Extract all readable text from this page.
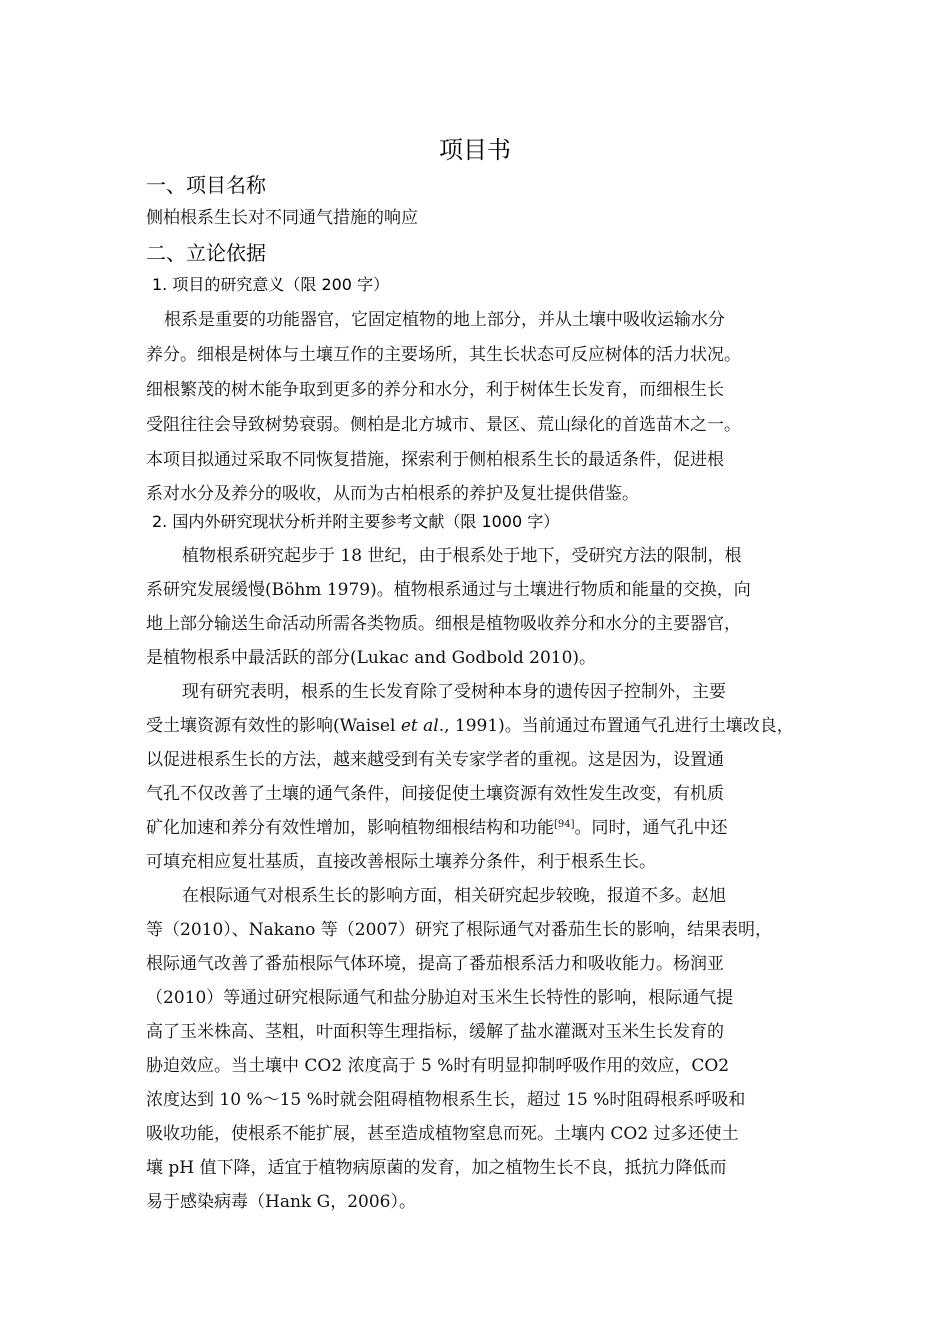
项目书
一、项目名称
侧柏根系生长对不同通气措施的响应
二、立论依据
1. 项目的研究意义（限 200 字）
根系是重要的功能器官，它固定植物的地上部分，并从土壤中吸收运输水分
养分。细根是树体与土壤互作的主要场所，其生长状态可反应树体的活力状况。
细根繁茂的树木能争取到更多的养分和水分，利于树体生长发育，而细根生长
受阻往往会导致树势衰弱。侧柏是北方城市、景区、荒山绿化的首选苗木之一。
本项目拟通过采取不同恢复措施，探索利于侧柏根系生长的最适条件，促进根
系对水分及养分的吸收，从而为古柏根系的养护及复壮提供借鉴。
2. 国内外研究现状分析并附主要参考文献（限 1000 字）
植物根系研究起步于 18 世纪，由于根系处于地下，受研究方法的限制，根
系研究发展缓慢(Böhm 1979)。植物根系通过与土壤进行物质和能量的交换，向
地上部分输送生命活动所需各类物质。细根是植物吸收养分和水分的主要器官，
是植物根系中最活跃的部分(Lukac and Godbold 2010)。
现有研究表明，根系的生长发育除了受树种本身的遗传因子控制外，主要
受土壤资源有效性的影响(Waisel et al., 1991)。当前通过布置通气孔进行土壤改良，
以促进根系生长的方法，越来越受到有关专家学者的重视。这是因为，设置通
气孔不仅改善了土壤的通气条件，间接促使土壤资源有效性发生改变，有机质
矿化加速和养分有效性增加，影响植物细根结构和功能[94]。同时，通气孔中还
可填充相应复壮基质，直接改善根际土壤养分条件，利于根系生长。
在根际通气对根系生长的影响方面，相关研究起步较晚，报道不多。赵旭
等（2010）、Nakano 等（2007）研究了根际通气对番茄生长的影响，结果表明，
根际通气改善了番茄根际气体环境，提高了番茄根系活力和吸收能力。杨润亚
（2010）等通过研究根际通气和盐分胁迫对玉米生长特性的影响，根际通气提
高了玉米株高、茎粗，叶面积等生理指标，缓解了盐水灌溉对玉米生长发育的
胁迫效应。当土壤中 CO2 浓度高于 5 %时有明显抑制呼吸作用的效应，CO2
浓度达到 10 %～15 %时就会阻碍植物根系生长，超过 15 %时阻碍根系呼吸和
吸收功能，使根系不能扩展，甚至造成植物窒息而死。土壤内 CO2 过多还使土
壤 pH 值下降，适宜于植物病原菌的发育，加之植物生长不良，抵抗力降低而
易于感染病毒（Hank G，2006）。
